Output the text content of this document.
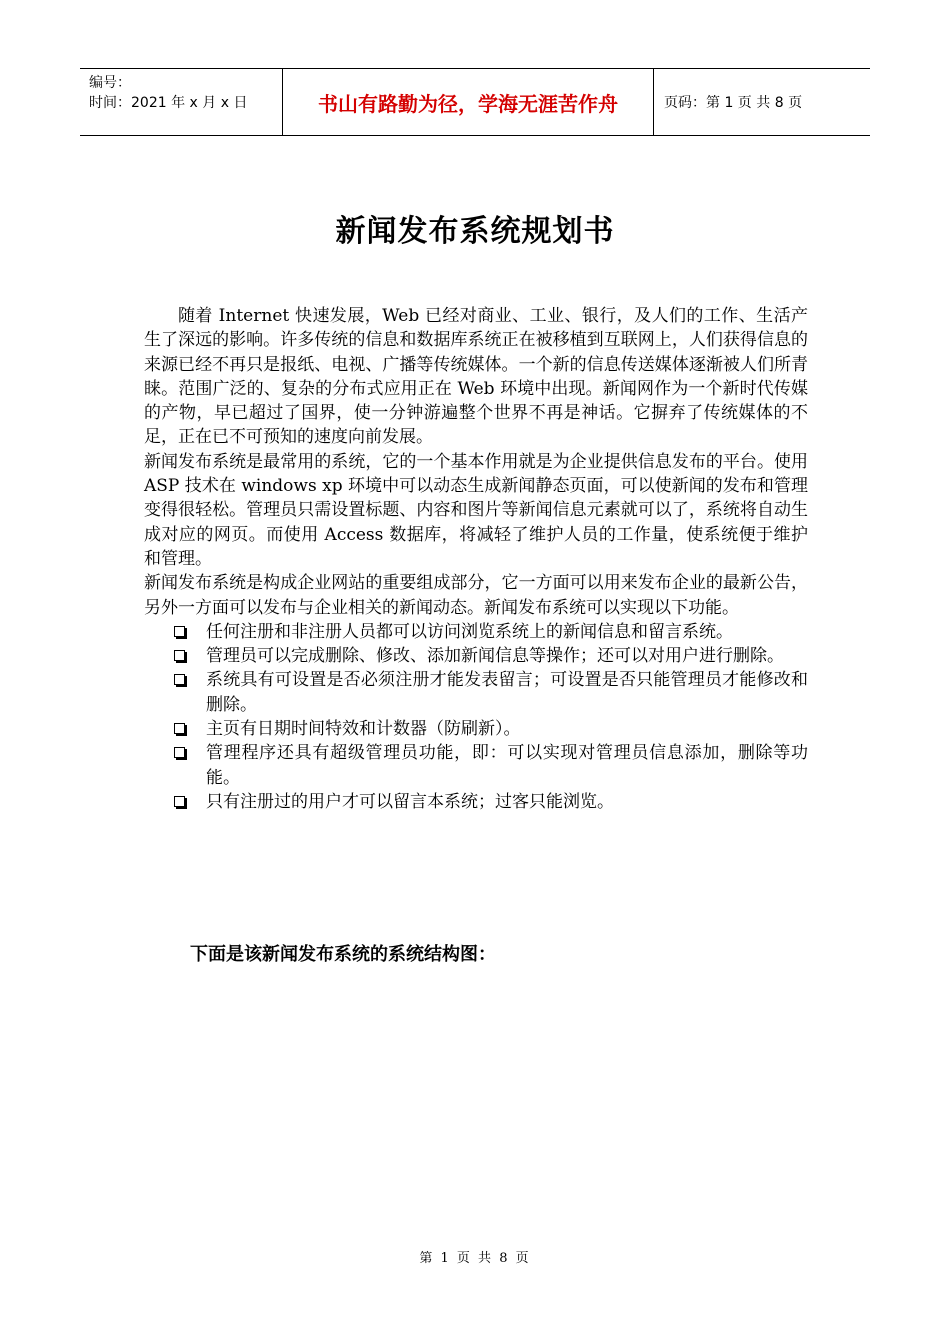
编号：
时间：2021 年 x 月 x 日	书山有路勤为径，学海无涯苦作舟	页码：第 1 页 共 8 页
新闻发布系统规划书

随着 Internet 快速发展，Web 已经对商业、工业、银行，及人们的工作、生活产生了深远的影响。许多传统的信息和数据库系统正在被移植到互联网上，人们获得信息的来源已经不再只是报纸、电视、广播等传统媒体。一个新的信息传送媒体逐渐被人们所青睐。范围广泛的、复杂的分布式应用正在 Web 环境中出现。新闻网作为一个新时代传媒的产物，早已超过了国界，使一分钟游遍整个世界不再是神话。它摒弃了传统媒体的不足，正在已不可预知的速度向前发展。

新闻发布系统是最常用的系统，它的一个基本作用就是为企业提供信息发布的平台。使用 ASP 技术在 windows xp 环境中可以动态生成新闻静态页面，可以使新闻的发布和管理变得很轻松。管理员只需设置标题、内容和图片等新闻信息元素就可以了，系统将自动生成对应的网页。而使用 Access 数据库，将减轻了维护人员的工作量，使系统便于维护和管理。

新闻发布系统是构成企业网站的重要组成部分，它一方面可以用来发布企业的最新公告，另外一方面可以发布与企业相关的新闻动态。新闻发布系统可以实现以下功能。

任何注册和非注册人员都可以访问浏览系统上的新闻信息和留言系统。
管理员可以完成删除、修改、添加新闻信息等操作；还可以对用户进行删除。
系统具有可设置是否必须注册才能发表留言；可设置是否只能管理员才能修改和删除。
主页有日期时间特效和计数器（防刷新）。
管理程序还具有超级管理员功能，即：可以实现对管理员信息添加，删除等功能。
只有注册过的用户才可以留言本系统；过客只能浏览。
下面是该新闻发布系统的系统结构图：
第 1 页 共 8 页
